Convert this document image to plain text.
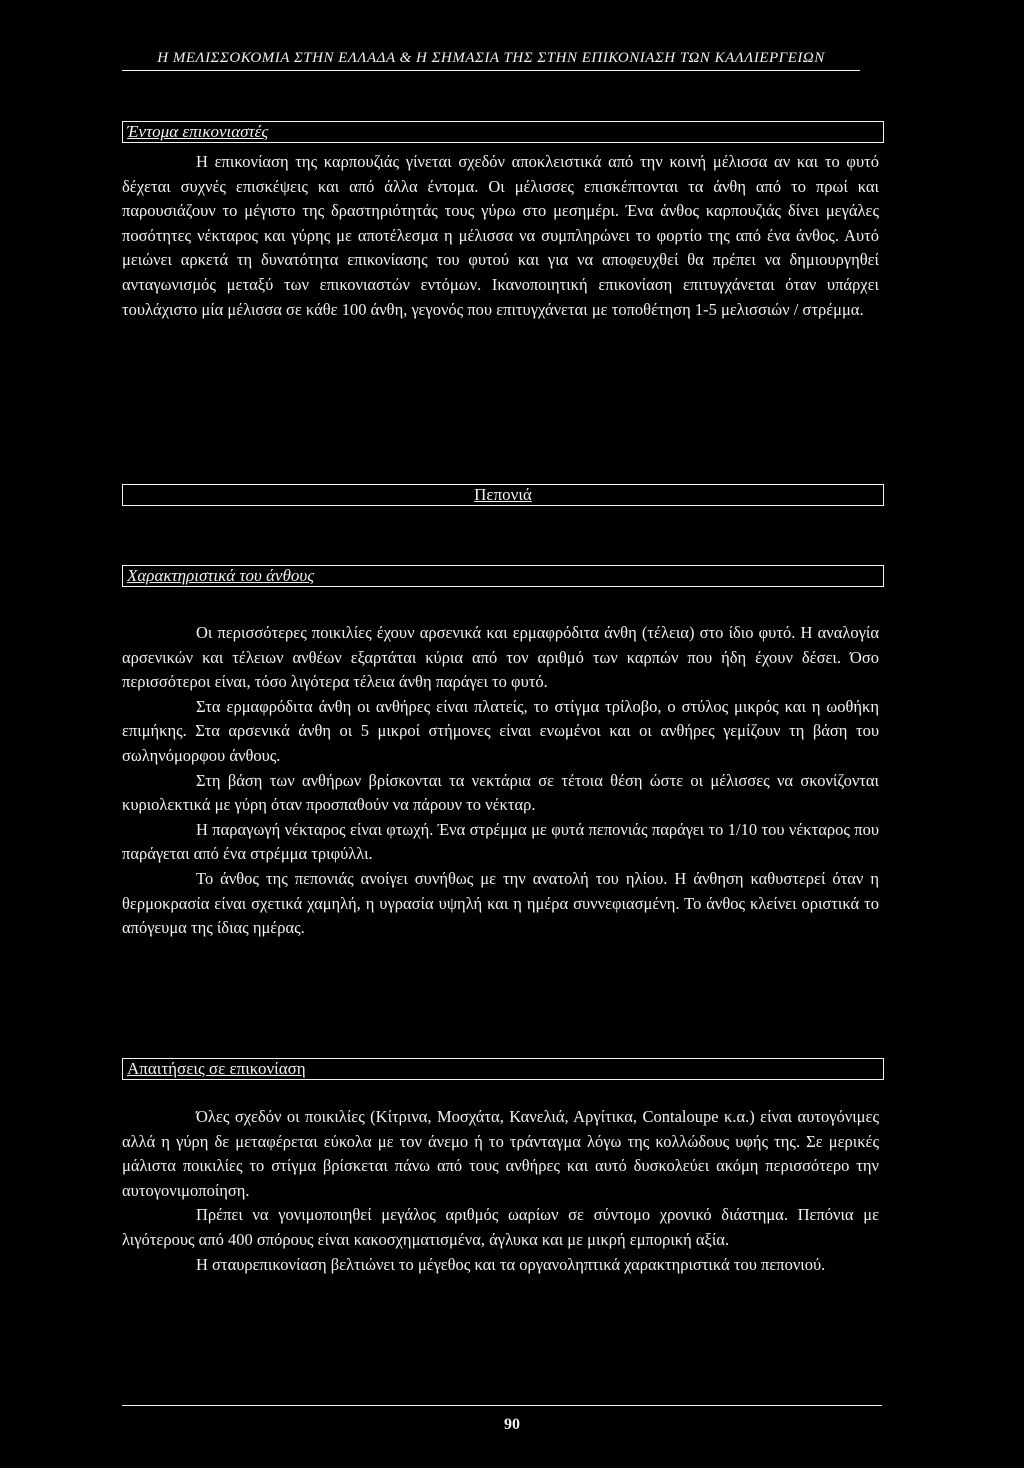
Η ΜΕΛΙΣΣΟΚΟΜΙΑ ΣΤΗΝ ΕΛΛΑΔΑ & Η ΣΗΜΑΣΙΑ ΤΗΣ ΣΤΗΝ ΕΠΙΚΟΝΙΑΣΗ ΤΩΝ ΚΑΛΛΙΕΡΓΕΙΩΝ
Έντομα επικονιαστές

Η επικονίαση της καρπουζιάς γίνεται σχεδόν αποκλειστικά από την κοινή μέλισσα αν και το φυτό δέχεται συχνές επισκέψεις και από άλλα έντομα. Οι μέλισσες επισκέπτονται τα άνθη από το πρωί και παρουσιάζουν το μέγιστο της δραστηριότητάς τους γύρω στο μεσημέρι. Ένα άνθος καρπουζιάς δίνει μεγάλες ποσότητες νέκταρος και γύρης με αποτέλεσμα η μέλισσα να συμπληρώνει το φορτίο της από ένα άνθος. Αυτό μειώνει αρκετά τη δυνατότητα επικονίασης του φυτού και για να αποφευχθεί θα πρέπει να δημιουργηθεί ανταγωνισμός μεταξύ των επικονιαστών εντόμων. Ικανοποιητική επικονίαση επιτυγχάνεται όταν υπάρχει τουλάχιστο μία μέλισσα σε κάθε 100 άνθη, γεγονός που επιτυγχάνεται με τοποθέτηση 1-5 μελισσιών / στρέμμα.

Πεπονιά
Χαρακτηριστικά του άνθους

Οι περισσότερες ποικιλίες έχουν αρσενικά και ερμαφρόδιτα άνθη (τέλεια) στο ίδιο φυτό. Η αναλογία αρσενικών και τέλειων ανθέων εξαρτάται κύρια από τον αριθμό των καρπών που ήδη έχουν δέσει. Όσο περισσότεροι είναι, τόσο λιγότερα τέλεια άνθη παράγει το φυτό.

Στα ερμαφρόδιτα άνθη οι ανθήρες είναι πλατείς, το στίγμα τρίλοβο, ο στύλος μικρός και η ωοθήκη επιμήκης. Στα αρσενικά άνθη οι 5 μικροί στήμονες είναι ενωμένοι και οι ανθήρες γεμίζουν τη βάση του σωληνόμορφου άνθους.

Στη βάση των ανθήρων βρίσκονται τα νεκτάρια σε τέτοια θέση ώστε οι μέλισσες να σκονίζονται κυριολεκτικά με γύρη όταν προσπαθούν να πάρουν το νέκταρ.

Η παραγωγή νέκταρος είναι φτωχή. Ένα στρέμμα με φυτά πεπονιάς παράγει το 1/10 του νέκταρος που παράγεται από ένα στρέμμα τριφύλλι.

Το άνθος της πεπονιάς ανοίγει συνήθως με την ανατολή του ηλίου. Η άνθηση καθυστερεί όταν η θερμοκρασία είναι σχετικά χαμηλή, η υγρασία υψηλή και η ημέρα συννεφιασμένη. Το άνθος κλείνει οριστικά το απόγευμα της ίδιας ημέρας.

Απαιτήσεις σε επικονίαση

Όλες σχεδόν οι ποικιλίες (Κίτρινα, Μοσχάτα, Κανελιά, Αργίτικα, Contaloupe κ.α.) είναι αυτογόνιμες αλλά η γύρη δε μεταφέρεται εύκολα με τον άνεμο ή το τράνταγμα λόγω της κολλώδους υφής της. Σε μερικές μάλιστα ποικιλίες το στίγμα βρίσκεται πάνω από τους ανθήρες και αυτό δυσκολεύει ακόμη περισσότερο την αυτογονιμοποίηση.

Πρέπει να γονιμοποιηθεί μεγάλος αριθμός ωαρίων σε σύντομο χρονικό διάστημα. Πεπόνια με λιγότερους από 400 σπόρους είναι κακοσχηματισμένα, άγλυκα και με μικρή εμπορική αξία.

Η σταυρεπικονίαση βελτιώνει το μέγεθος και τα οργανοληπτικά χαρακτηριστικά του πεπονιού.

90
